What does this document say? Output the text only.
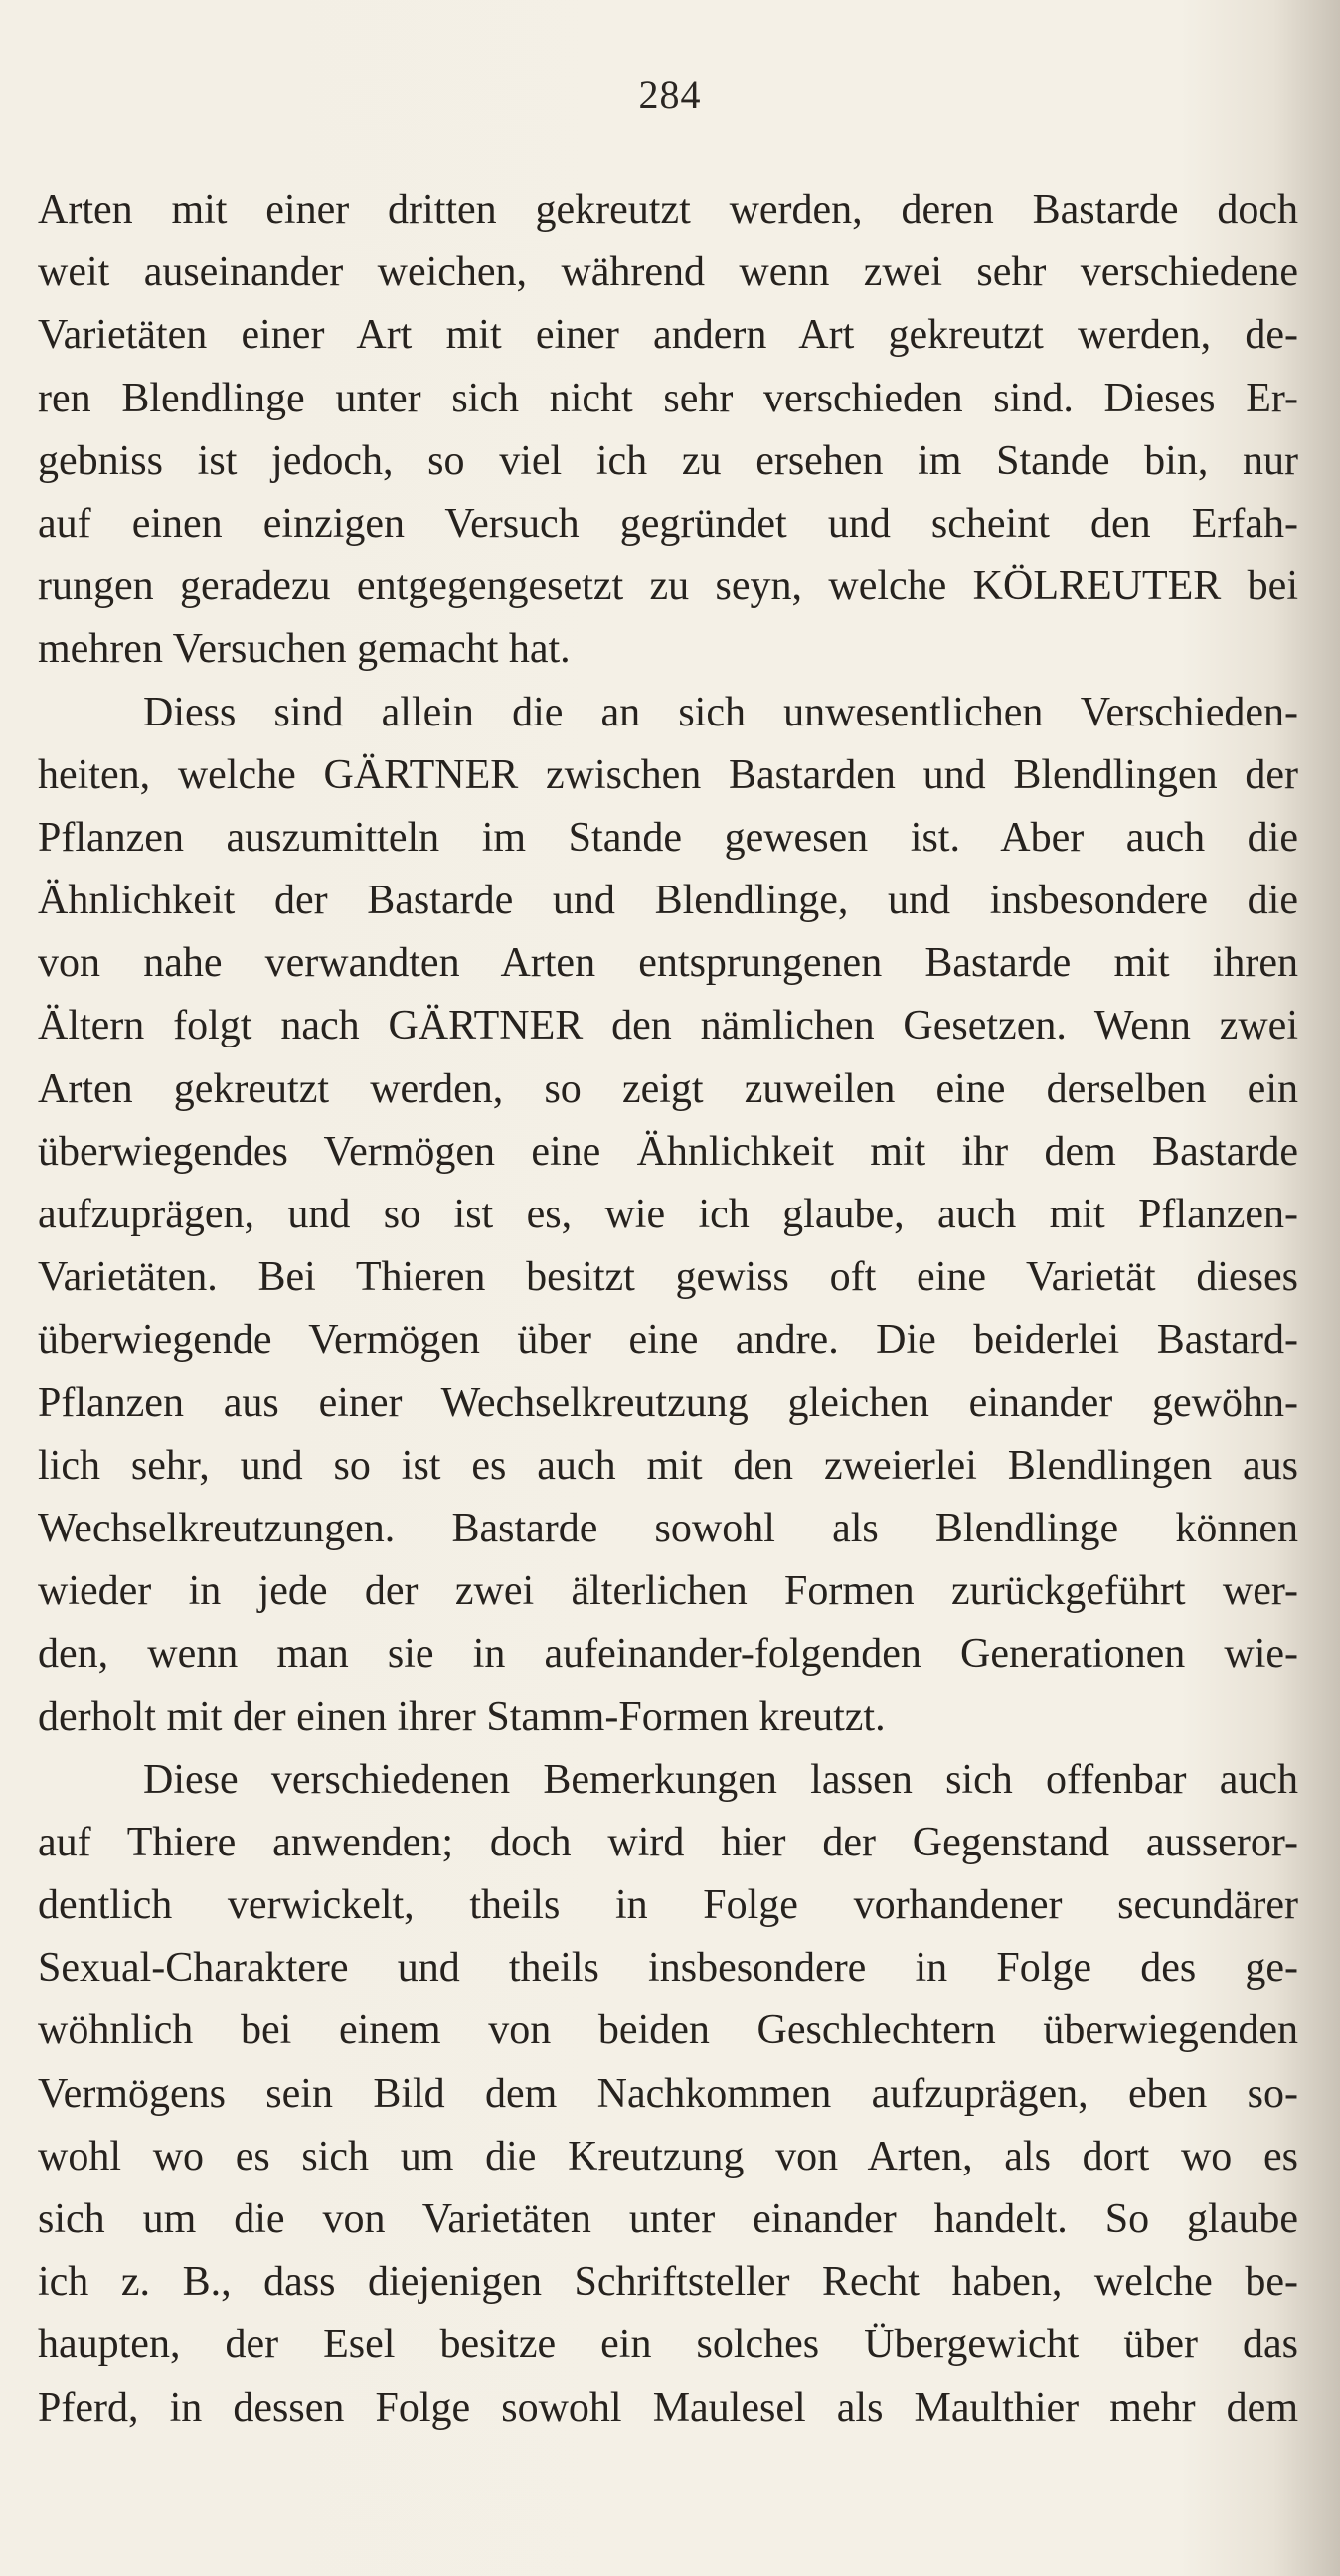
284
Arten mit einer dritten gekreutzt werden, deren Bastarde doch
weit auseinander weichen, während wenn zwei sehr verschiedene
Varietäten einer Art mit einer andern Art gekreutzt werden, de-
ren Blendlinge unter sich nicht sehr verschieden sind. Dieses Er-
gebniss ist jedoch, so viel ich zu ersehen im Stande bin, nur
auf einen einzigen Versuch gegründet und scheint den Erfah-
rungen geradezu entgegengesetzt zu seyn, welche KÖLREUTER bei
mehren Versuchen gemacht hat.
Diess sind allein die an sich unwesentlichen Verschieden-
heiten, welche GÄRTNER zwischen Bastarden und Blendlingen der
Pflanzen auszumitteln im Stande gewesen ist. Aber auch die
Ähnlichkeit der Bastarde und Blendlinge, und insbesondere die
von nahe verwandten Arten entsprungenen Bastarde mit ihren
Ältern folgt nach GÄRTNER den nämlichen Gesetzen. Wenn zwei
Arten gekreutzt werden, so zeigt zuweilen eine derselben ein
überwiegendes Vermögen eine Ähnlichkeit mit ihr dem Bastarde
aufzuprägen, und so ist es, wie ich glaube, auch mit Pflanzen-
Varietäten. Bei Thieren besitzt gewiss oft eine Varietät dieses
überwiegende Vermögen über eine andre. Die beiderlei Bastard-
Pflanzen aus einer Wechselkreutzung gleichen einander gewöhn-
lich sehr, und so ist es auch mit den zweierlei Blendlingen aus
Wechselkreutzungen. Bastarde sowohl als Blendlinge können
wieder in jede der zwei älterlichen Formen zurückgeführt wer-
den, wenn man sie in aufeinander-folgenden Generationen wie-
derholt mit der einen ihrer Stamm-Formen kreutzt.
Diese verschiedenen Bemerkungen lassen sich offenbar auch
auf Thiere anwenden; doch wird hier der Gegenstand ausseror-
dentlich verwickelt, theils in Folge vorhandener secundärer
Sexual-Charaktere und theils insbesondere in Folge des ge-
wöhnlich bei einem von beiden Geschlechtern überwiegenden
Vermögens sein Bild dem Nachkommen aufzuprägen, eben so-
wohl wo es sich um die Kreutzung von Arten, als dort wo es
sich um die von Varietäten unter einander handelt. So glaube
ich z. B., dass diejenigen Schriftsteller Recht haben, welche be-
haupten, der Esel besitze ein solches Übergewicht über das
Pferd, in dessen Folge sowohl Maulesel als Maulthier mehr dem
